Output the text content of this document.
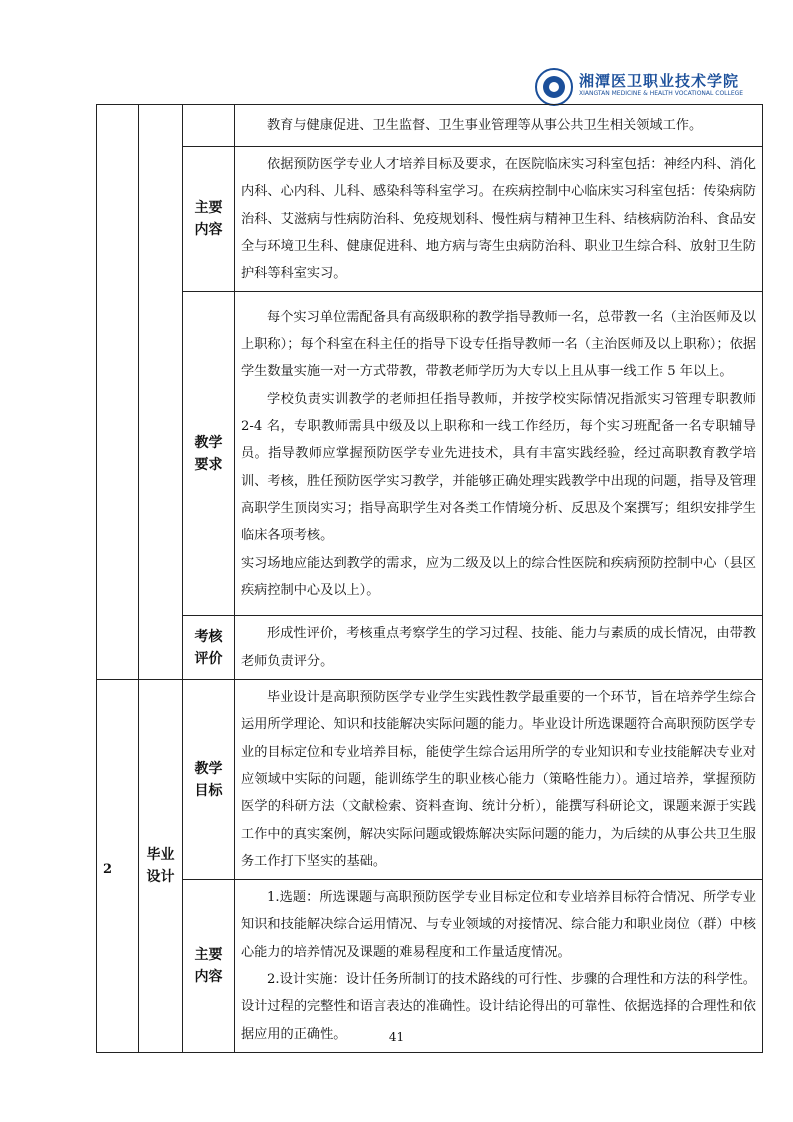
湘潭医卫职业技术学院
XIANGTAN MEDICINE & HEALTH VOCATIONAL COLLEGE

			教育与健康促进、卫生监督、卫生事业管理等从事公共卫生相关领域工作。

		主要内容	依据预防医学专业人才培养目标及要求，在医院临床实习科室包括：神经内科、消化内科、心内科、儿科、感染科等科室学习。在疾病控制中心临床实习科室包括：传染病防治科、艾滋病与性病防治科、免疫规划科、慢性病与精神卫生科、结核病防治科、食品安全与环境卫生科、健康促进科、地方病与寄生虫病防治科、职业卫生综合科、放射卫生防护科等科室实习。

		教学要求	每个实习单位需配备具有高级职称的教学指导教师一名，总带教一名（主治医师及以上职称）；每个科室在科主任的指导下设专任指导教师一名（主治医师及以上职称）；依据学生数量实施一对一方式带教，带教老师学历为大专以上且从事一线工作 5 年以上。

学校负责实训教学的老师担任指导教师，并按学校实际情况指派实习管理专职教师 2-4 名，专职教师需具中级及以上职称和一线工作经历，每个实习班配备一名专职辅导员。指导教师应掌握预防医学专业先进技术，具有丰富实践经验，经过高职教育教学培训、考核，胜任预防医学实习教学，并能够正确处理实践教学中出现的问题，指导及管理高职学生顶岗实习；指导高职学生对各类工作情境分析、反思及个案撰写；组织安排学生临床各项考核。

实习场地应能达到教学的需求，应为二级及以上的综合性医院和疾病预防控制中心（县区疾病控制中心及以上）。

		考核评价	形成性评价，考核重点考察学生的学习过程、技能、能力与素质的成长情况，由带教老师负责评分。

2	毕业设计	教学目标	毕业设计是高职预防医学专业学生实践性教学最重要的一个环节，旨在培养学生综合运用所学理论、知识和技能解决实际问题的能力。毕业设计所选课题符合高职预防医学专业的目标定位和专业培养目标，能使学生综合运用所学的专业知识和专业技能解决专业对应领域中实际的问题，能训练学生的职业核心能力（策略性能力）。通过培养，掌握预防医学的科研方法（文献检索、资料查询、统计分析），能撰写科研论文，课题来源于实践工作中的真实案例，解决实际问题或锻炼解决实际问题的能力，为后续的从事公共卫生服务工作打下坚实的基础。

		主要内容	1.选题：所选课题与高职预防医学专业目标定位和专业培养目标符合情况、所学专业知识和技能解决综合运用情况、与专业领域的对接情况、综合能力和职业岗位（群）中核心能力的培养情况及课题的难易程度和工作量适度情况。

2.设计实施：设计任务所制订的技术路线的可行性、步骤的合理性和方法的科学性。设计过程的完整性和语言表达的准确性。设计结论得出的可靠性、依据选择的合理性和依据应用的正确性。	41
